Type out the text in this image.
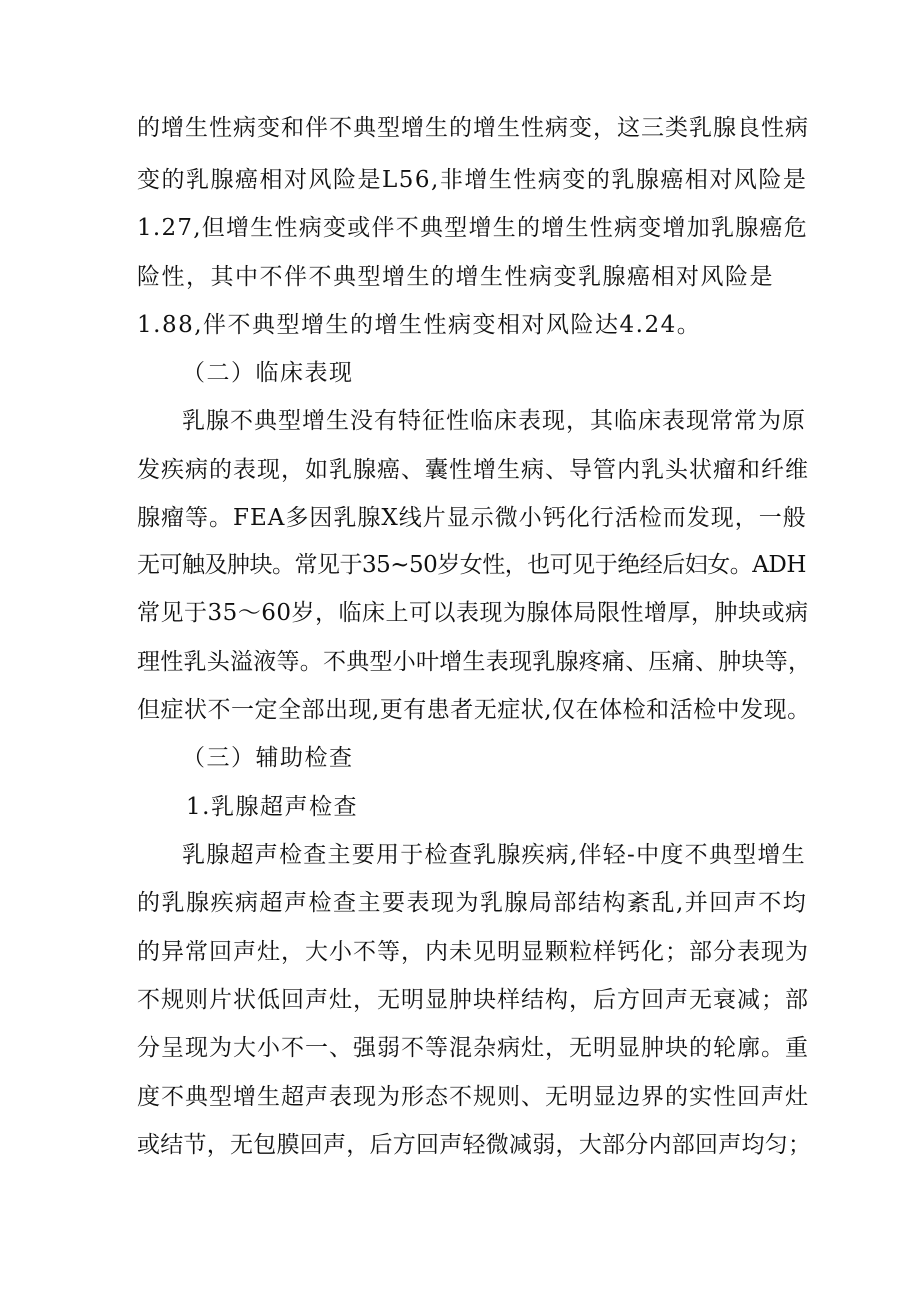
的增生性病变和伴不典型增生的增生性病变，这三类乳腺良性病
变的乳腺癌相对风险是L56,非增生性病变的乳腺癌相对风险是
1.27,但增生性病变或伴不典型增生的增生性病变增加乳腺癌危
险性，其中不伴不典型增生的增生性病变乳腺癌相对风险是
1.88,伴不典型增生的增生性病变相对风险达4.24。
（二）临床表现
乳腺不典型增生没有特征性临床表现，其临床表现常常为原
发疾病的表现，如乳腺癌、囊性增生病、导管内乳头状瘤和纤维
腺瘤等。FEA多因乳腺X线片显示微小钙化行活检而发现，一般
无可触及肿块。常见于35~50岁女性，也可见于绝经后妇女。ADH
常见于35～60岁，临床上可以表现为腺体局限性增厚，肿块或病
理性乳头溢液等。不典型小叶增生表现乳腺疼痛、压痛、肿块等，
但症状不一定全部出现,更有患者无症状,仅在体检和活检中发现。
（三）辅助检查
1.乳腺超声检查
乳腺超声检查主要用于检查乳腺疾病,伴轻-中度不典型增生
的乳腺疾病超声检查主要表现为乳腺局部结构紊乱,并回声不均
的异常回声灶，大小不等，内未见明显颗粒样钙化；部分表现为
不规则片状低回声灶，无明显肿块样结构，后方回声无衰减；部
分呈现为大小不一、强弱不等混杂病灶，无明显肿块的轮廓。重
度不典型增生超声表现为形态不规则、无明显边界的实性回声灶
或结节，无包膜回声，后方回声轻微减弱，大部分内部回声均匀；
